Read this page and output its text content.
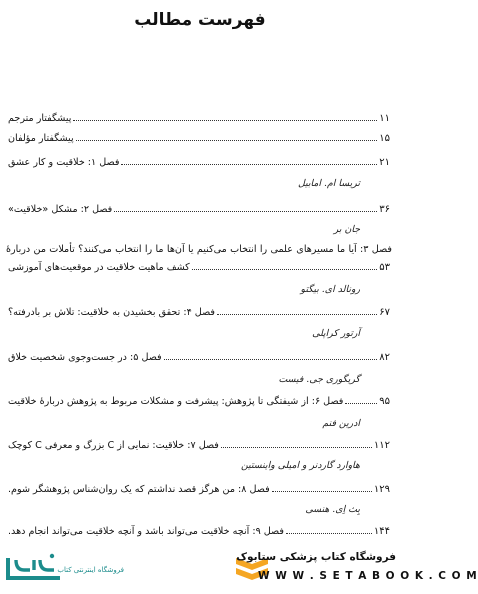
فهرست مطالب
پیشگفتار مترجم	۱۱
پیشگفتار مؤلفان	۱۵
فصل ۱: خلاقیت و کار عشق	۲۱
تریسا ام. امابیل
فصل ۲: مشکل «خلاقیت»	۳۶
جان بر
فصل ۳: آیا ما مسیرهای علمی را انتخاب می‌کنیم یا آن‌ها ما را انتخاب می‌کنند؟ تأملات من دربارهٔ
کشف ماهیت خلاقیت در موقعیت‌های آموزشی	۵۳
رونالد ای. بیگتو
فصل ۴: تحقق بخشیدن به خلاقیت: تلاش بر بادرفته؟	۶۷
آرتور کراپلی
فصل ۵: در جست‌وجوی شخصیت خلاق	۸۲
گریگوری جی. فیست
فصل ۶: از شیفتگی تا پژوهش: پیشرفت و مشکلات مربوط به پژوهش دربارهٔ خلاقیت	۹۵
ادرین فنم
فصل ۷: خلاقیت: نمایی از C بزرگ و معرفی C کوچک	۱۱۲
هاوارد گاردنر و امیلی واینستین
فصل ۸: من هرگز قصد نداشتم که یک روان‌شناس پژوهشگر شوم.	۱۲۹
بِث اِی. هنسی
فصل ۹: آنچه خلاقیت می‌تواند باشد و آنچه خلاقیت می‌تواند انجام دهد.	۱۴۴
فروشگاه اینترنتی کتاب
فروشگاه کتاب پزشکی ستابوک
W W W . S E T A B O O K . C O M
